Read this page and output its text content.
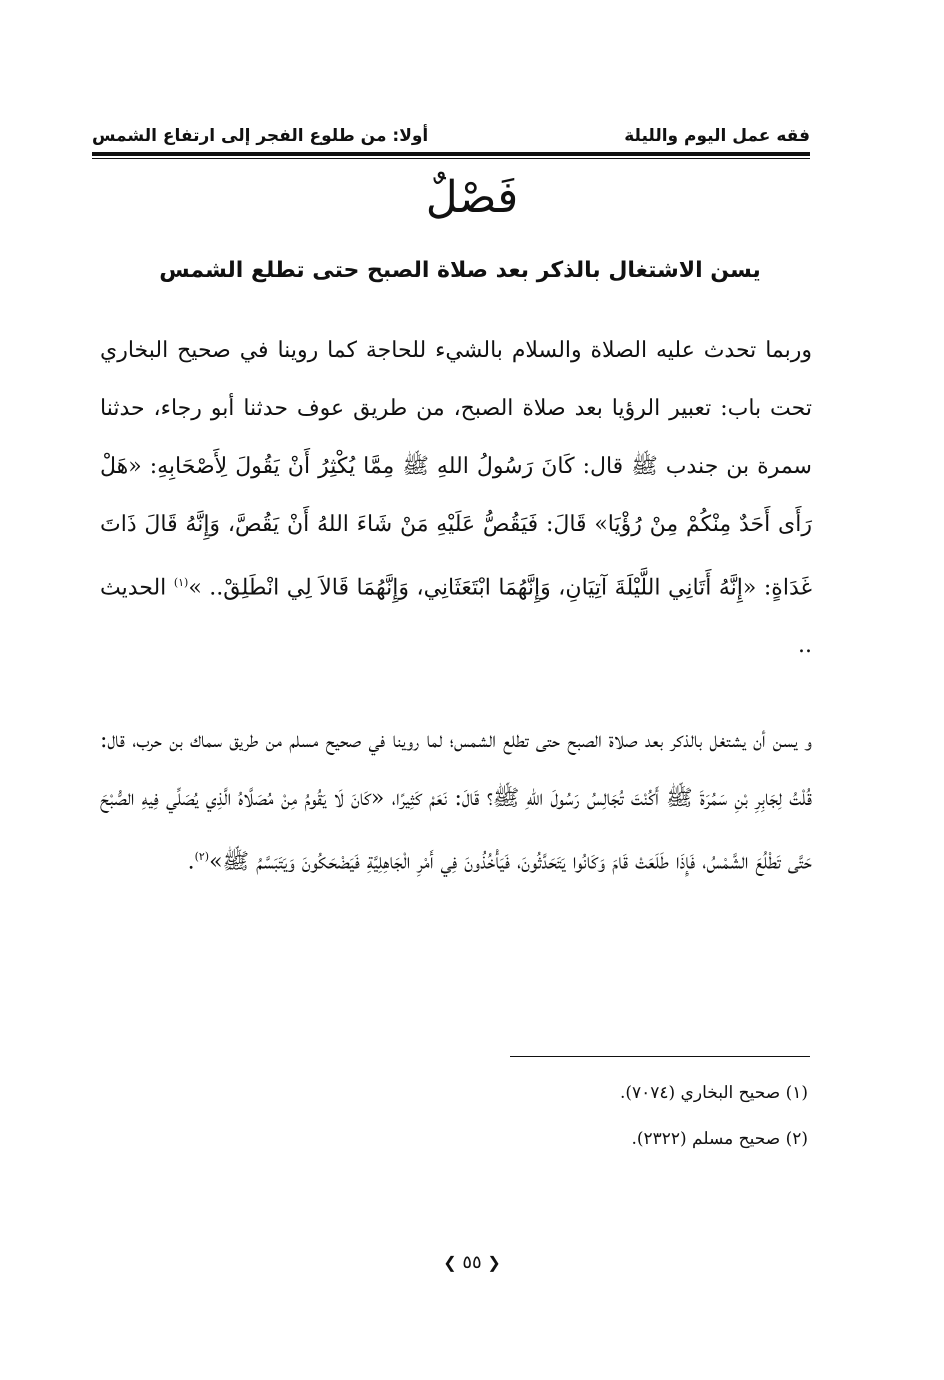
فقه عمل اليوم والليلة
أولا: من طلوع الفجر إلى ارتفاع الشمس
فَصْلٌ
يسن الاشتغال بالذكر بعد صلاة الصبح حتى تطلع الشمس
وربما تحدث عليه الصلاة والسلام بالشيء للحاجة كما روينا في صحيح البخاري تحت باب: تعبير الرؤيا بعد صلاة الصبح، من طريق عوف حدثنا أبو رجاء، حدثنا سمرة بن جندب ﷺ قال: كَانَ رَسُولُ اللهِ ﷺ مِمَّا يُكْثِرُ أَنْ يَقُولَ لِأَصْحَابِهِ: «هَلْ رَأَى أَحَدٌ مِنْكُمْ مِنْ رُؤْيَا» قَالَ: فَيَقُصُّ عَلَيْهِ مَنْ شَاءَ اللهُ أَنْ يَقُصَّ، وَإِنَّهُ قَالَ ذَاتَ غَدَاةٍ: «إِنَّهُ أَتَانِي اللَّيْلَةَ آتِيَانِ، وَإِنَّهُمَا ابْتَعَثَانِي، وَإِنَّهُمَا قَالاَ لِي انْطَلِقْ.. »$^{(١)}$ الحديث ..
و يسن أن يشتغل بالذكر بعد صلاة الصبح حتى تطلع الشمس؛ لما روينا في صحيح مسلم من طريق سماك بن حرب، قال: قُلْتُ لِجَابِرِ بْنِ سَمُرَةَ ﷺ أَكُنْتَ تُجَالِسُ رَسُولَ اللهِ ﷺ؟ قَالَ: نَعَمْ كَثِيرًا، «كَانَ لَا يَقُومُ مِنْ مُصَلَّاهُ الَّذِي يُصَلِّي فِيهِ الصُّبْحَ حَتَّى تَطْلُعَ الشَّمْسُ، فَإِذَا طَلَعَتْ قَامَ وَكَانُوا يَتَحَدَّثُونَ، فَيَأْخُذُونَ فِي أَمْرِ الْجَاهِلِيَّةِ فَيَضْحَكُونَ وَيَتَبَسَّمُ ﷺ»$^{(٢)}$.
(١) صحيح البخاري (٧٠٧٤).
(٢) صحيح مسلم (٢٣٢٢).
❮ ٥٥ ❯
